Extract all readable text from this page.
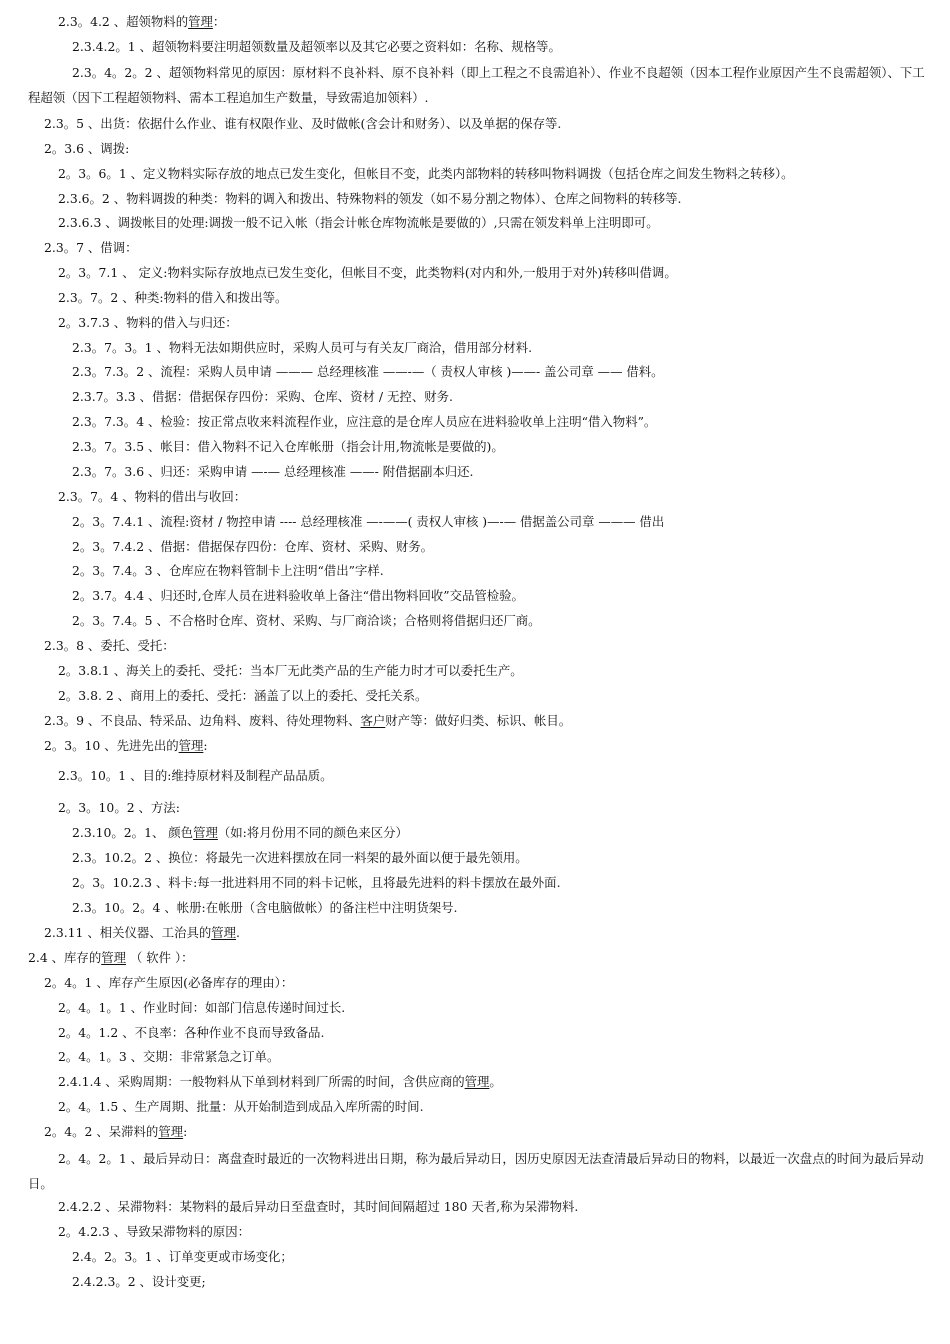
2.3。4.2 、超领物料的管理：
2.3.4.2。1 、超领物料要注明超领数量及超领率以及其它必要之资料如：名称、规格等。
2.3。4。2。2 、超领物料常见的原因：原材料不良补料、原不良补料（即上工程之不良需追补）、作业不良超领（因本工程作业原因产生不良需超领）、下工程超领（因下工程超领物料、需本工程追加生产数量，导致需追加领料）.
2.3。5 、出货：依据什么作业、谁有权限作业、及时做帐(含会计和财务）、以及单据的保存等.
2。3.6 、调拨:
2。3。6。1 、定义物料实际存放的地点已发生变化，但帐目不变，此类内部物料的转移叫物料调拨（包括仓库之间发生物料之转移）。
2.3.6。2 、物料调拨的种类：物料的调入和拨出、特殊物料的领发（如不易分割之物体）、仓库之间物料的转移等.
2.3.6.3 、调拨帐目的处理:调拨一般不记入帐（指会计帐仓库物流帐是要做的）,只需在领发料单上注明即可。
2.3。7 、借调：
2。3。7.1 、 定义:物料实际存放地点已发生变化，但帐目不变，此类物料(对内和外,一般用于对外)转移叫借调。
2.3。7。2 、种类:物料的借入和拨出等。
2。3.7.3 、物料的借入与归还：
2.3。7。3。1 、物料无法如期供应时，采购人员可与有关友厂商洽，借用部分材料.
2.3。7.3。2 、流程：采购人员申请 ——— 总经理核准 ——-—（ 责权人审核 )——- 盖公司章 —— 借料。
2.3.7。3.3 、借据：借据保存四份：采购、仓库、资材 / 无控、财务.
2.3。7.3。4 、检验：按正常点收来料流程作业，应注意的是仓库人员应在进料验收单上注明“借入物料”。
2.3。7。3.5 、帐目：借入物料不记入仓库帐册（指会计用,物流帐是要做的)。
2.3。7。3.6 、归还：采购申请 —-— 总经理核准 ——- 附借据副本归还.
2.3。7。4 、物料的借出与收回：
2。3。7.4.1 、流程:资材 / 物控申请 ---- 总经理核准 —-——( 责权人审核 )—-— 借据盖公司章 ——— 借出
2。3。7.4.2 、借据：借据保存四份：仓库、资材、采购、财务。
2。3。7.4。3 、仓库应在物料管制卡上注明“借出”字样.
2。3.7。4.4 、归还时,仓库人员在进料验收单上备注“借出物料回收”交品管检验。
2。3。7.4。5 、不合格时仓库、资材、采购、与厂商洽谈；合格则将借据归还厂商。
2.3。8 、委托、受托：
2。3.8.1 、海关上的委托、受托：当本厂无此类产品的生产能力时才可以委托生产。
2。3.8. 2 、商用上的委托、受托：涵盖了以上的委托、受托关系。
2.3。9 、不良品、特采品、边角料、废料、待处理物料、客户财产等：做好归类、标识、帐目。
2。3。10 、先进先出的管理:
2.3。10。1 、目的:维持原材料及制程产品品质。
2。3。10。2 、方法:
2.3.10。2。1、 颜色管理（如:将月份用不同的颜色来区分）
2.3。10.2。2 、换位：将最先一次进料摆放在同一料架的最外面以便于最先领用。
2。3。10.2.3 、料卡:每一批进料用不同的料卡记帐，且将最先进料的料卡摆放在最外面.
2.3。10。2。4 、帐册:在帐册（含电脑做帐）的备注栏中注明货架号.
2.3.11 、相关仪器、工治具的管理.
2.4 、库存的管理 （ 软件 ）：
2。4。1 、库存产生原因(必备库存的理由）：
2。4。1。1 、作业时间：如部门信息传递时间过长.
2。4。1.2 、不良率：各种作业不良而导致备品.
2。4。1。3 、交期：非常紧急之订单。
2.4.1.4 、采购周期：一般物料从下单到材料到厂所需的时间，含供应商的管理。
2。4。1.5 、生产周期、批量：从开始制造到成品入库所需的时间.
2。4。2 、呆滞料的管理:
2。4。2。1 、最后异动日：离盘查时最近的一次物料进出日期，称为最后异动日，因历史原因无法查清最后异动日的物料，以最近一次盘点的时间为最后异动日。
2.4.2.2 、呆滞物料：某物料的最后异动日至盘查时，其时间间隔超过 180 天者,称为呆滞物料.
2。4.2.3 、导致呆滞物料的原因：
2.4。2。3。1 、订单变更或市场变化；
2.4.2.3。2 、设计变更;
